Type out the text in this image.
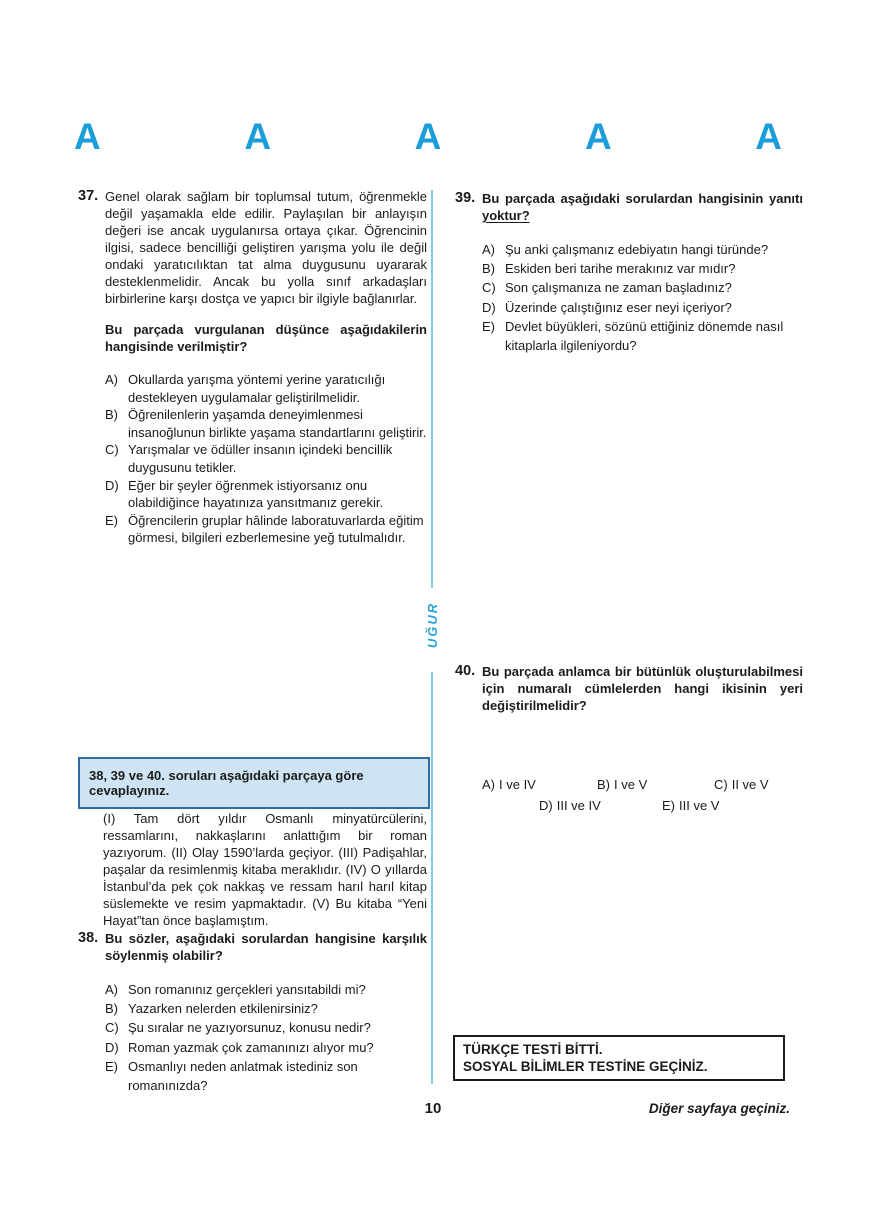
A	A	A	A	A
UĞUR
37. Genel olarak sağlam bir toplumsal tutum, öğrenmekle değil yaşamakla elde edilir. Paylaşılan bir anlayışın değeri ise ancak uygulanırsa ortaya çıkar. Öğrencinin ilgisi, sadece bencilliği geliştiren yarışma yolu ile değil ondaki yaratıcılıktan tat alma duygusunu uyararak desteklenmelidir. Ancak bu yolla sınıf arkadaşları birbirlerine karşı dostça ve yapıcı bir ilgiyle bağlanırlar.

Bu parçada vurgulanan düşünce aşağıdakilerin hangisinde verilmiştir?

A) Okullarda yarışma yöntemi yerine yaratıcılığı destekleyen uygulamalar geliştirilmelidir.
B) Öğrenilenlerin yaşamda deneyimlenmesi insanoğlunun birlikte yaşama standartlarını geliştirir.
C) Yarışmalar ve ödüller insanın içindeki bencillik duygusunu tetikler.
D) Eğer bir şeyler öğrenmek istiyorsanız onu olabildiğince hayatınıza yansıtmanız gerekir.
E) Öğrencilerin gruplar hâlinde laboratuvarlarda eğitim görmesi, bilgileri ezberlemesine yeğ tutulmalıdır.
38, 39 ve 40. soruları aşağıdaki parçaya göre cevaplayınız.

(I) Tam dört yıldır Osmanlı minyatürcülerini, ressamlarını, nakkaşlarını anlattığım bir roman yazıyorum. (II) Olay 1590’larda geçiyor. (III) Padişahlar, paşalar da resimlenmiş kitaba meraklıdır. (IV) O yıllarda İstanbul’da pek çok nakkaş ve ressam harıl harıl kitap süslemekte ve resim yapmaktadır. (V) Bu kitaba “Yeni Hayat”tan önce başlamıştım.

38. Bu sözler, aşağıdaki sorulardan hangisine karşılık söylenmiş olabilir?

A) Son romanınız gerçekleri yansıtabildi mi?
B) Yazarken nelerden etkilenirsiniz?
C) Şu sıralar ne yazıyorsunuz, konusu nedir?
D) Roman yazmak çok zamanınızı alıyor mu?
E) Osmanlıyı neden anlatmak istediniz son romanınızda?
39. Bu parçada aşağıdaki sorulardan hangisinin yanıtı yoktur?

A) Şu anki çalışmanız edebiyatın hangi türünde?
B) Eskiden beri tarihe merakınız var mıdır?
C) Son çalışmanıza ne zaman başladınız?
D) Üzerinde çalıştığınız eser neyi içeriyor?
E) Devlet büyükleri, sözünü ettiğiniz dönemde nasıl kitaplarla ilgileniyordu?
40. Bu parçada anlamca bir bütünlük oluşturulabilmesi için numaralı cümlelerden hangi ikisinin yeri değiştirilmelidir?

A) I ve IV	B) I ve V	C) II ve V
D) III ve IV	E) III ve V
TÜRKÇE TESTİ BİTTİ.
SOSYAL BİLİMLER TESTİNE GEÇİNİZ.
10	Diğer sayfaya geçiniz.
